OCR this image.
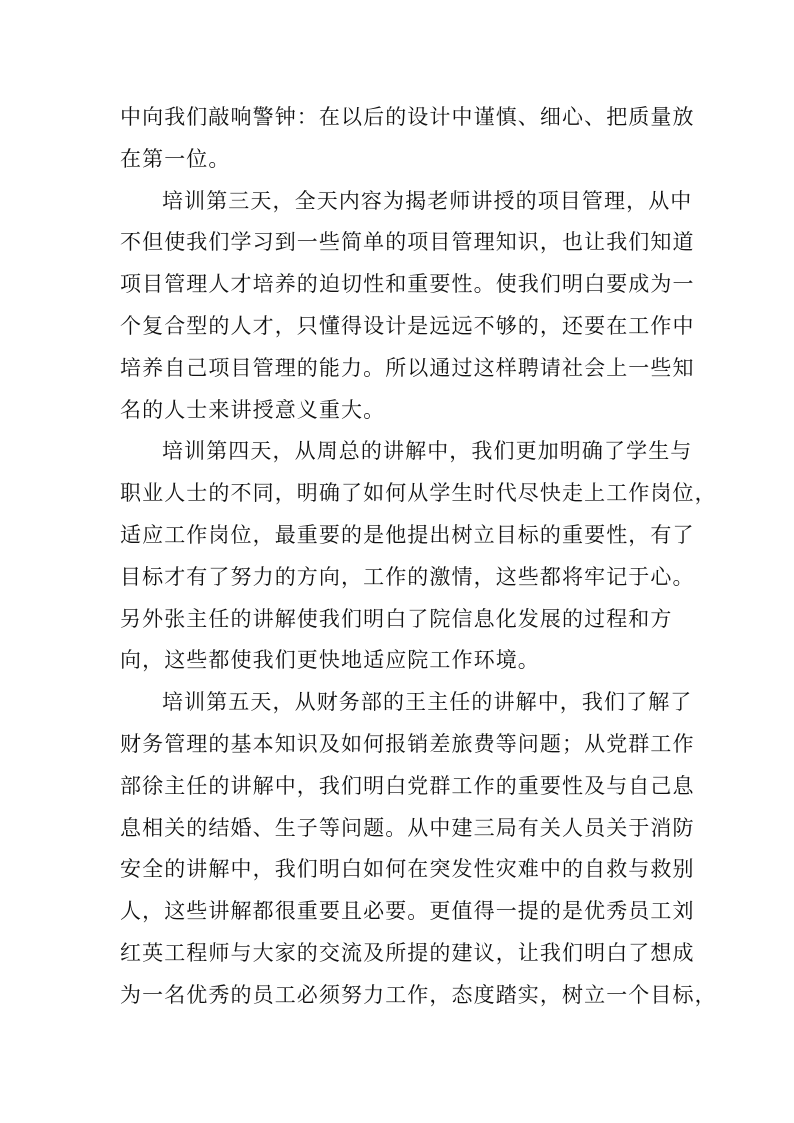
中向我们敲响警钟：在以后的设计中谨慎、细心、把质量放
在第一位。
培训第三天，全天内容为揭老师讲授的项目管理，从中
不但使我们学习到一些简单的项目管理知识，也让我们知道
项目管理人才培养的迫切性和重要性。使我们明白要成为一
个复合型的人才，只懂得设计是远远不够的，还要在工作中
培养自己项目管理的能力。所以通过这样聘请社会上一些知
名的人士来讲授意义重大。
培训第四天，从周总的讲解中，我们更加明确了学生与
职业人士的不同，明确了如何从学生时代尽快走上工作岗位，
适应工作岗位，最重要的是他提出树立目标的重要性，有了
目标才有了努力的方向，工作的激情，这些都将牢记于心。
另外张主任的讲解使我们明白了院信息化发展的过程和方
向，这些都使我们更快地适应院工作环境。
培训第五天，从财务部的王主任的讲解中，我们了解了
财务管理的基本知识及如何报销差旅费等问题；从党群工作
部徐主任的讲解中，我们明白党群工作的重要性及与自己息
息相关的结婚、生子等问题。从中建三局有关人员关于消防
安全的讲解中，我们明白如何在突发性灾难中的自救与救别
人，这些讲解都很重要且必要。更值得一提的是优秀员工刘
红英工程师与大家的交流及所提的建议，让我们明白了想成
为一名优秀的员工必须努力工作，态度踏实，树立一个目标，
